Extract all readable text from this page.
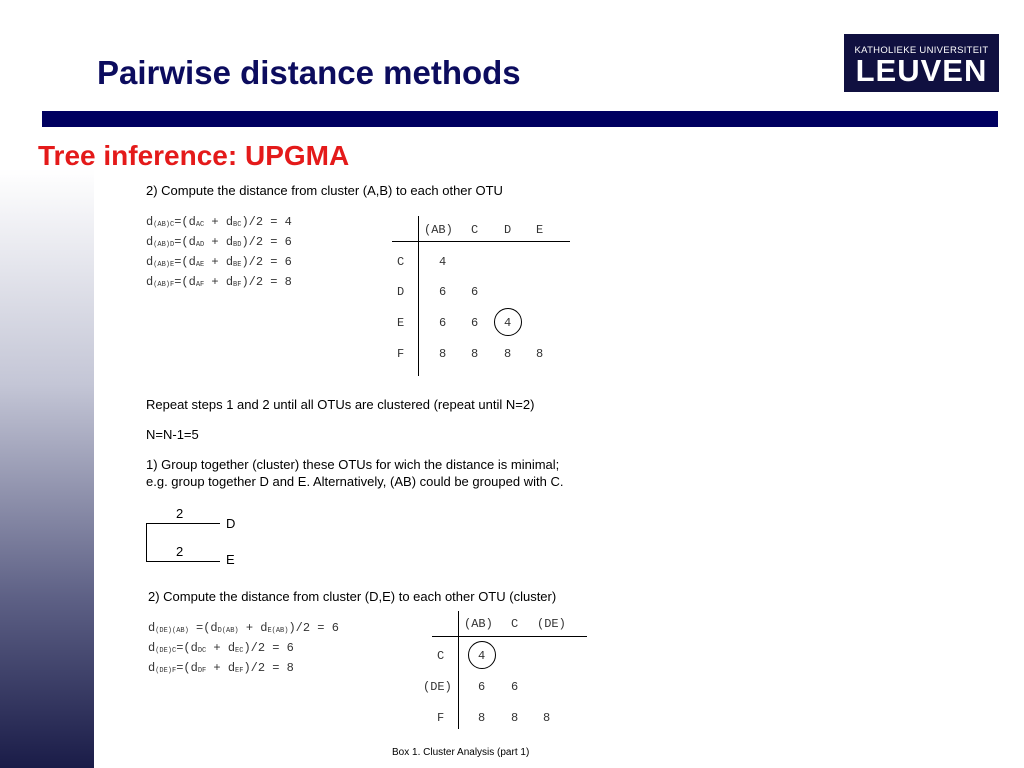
Pairwise distance methods
KATHOLIEKE UNIVERSITEIT
LEUVEN
Tree inference: UPGMA
2) Compute the distance from cluster (A,B) to each other OTU
$d_{(AB)C}=(d_{AC} + d_{BC})/2 = 4$
$d_{(AB)D}=(d_{AD} + d_{BD})/2 = 6$
$d_{(AB)E}=(d_{AE} + d_{BE})/2 = 6$
$d_{(AB)F}=(d_{AF} + d_{BF})/2 = 8$
(AB) C D E
C	4
D	6 6
E	6 6 4
F	8 8 8 8
Repeat steps 1 and 2 until all OTUs are clustered (repeat until N=2)
N=N-1=5
1) Group together (cluster) these OTUs for wich the distance is minimal;
e.g. group together D and E. Alternatively, (AB) could be grouped with C.
2
D
2
E
2) Compute the distance from cluster (D,E) to each other OTU (cluster)
$d_{(DE)(AB)} =(d_{D(AB)} + d_{E(AB)})/2 = 6$
$d_{(DE)C}=(d_{DC} + d_{EC})/2 = 6$
$d_{(DE)F}=(d_{DF} + d_{EF})/2 = 8$
(AB) C (DE)
C	4
(DE) 6 6
F	8 8 8
Box 1. Cluster Analysis (part 1)
